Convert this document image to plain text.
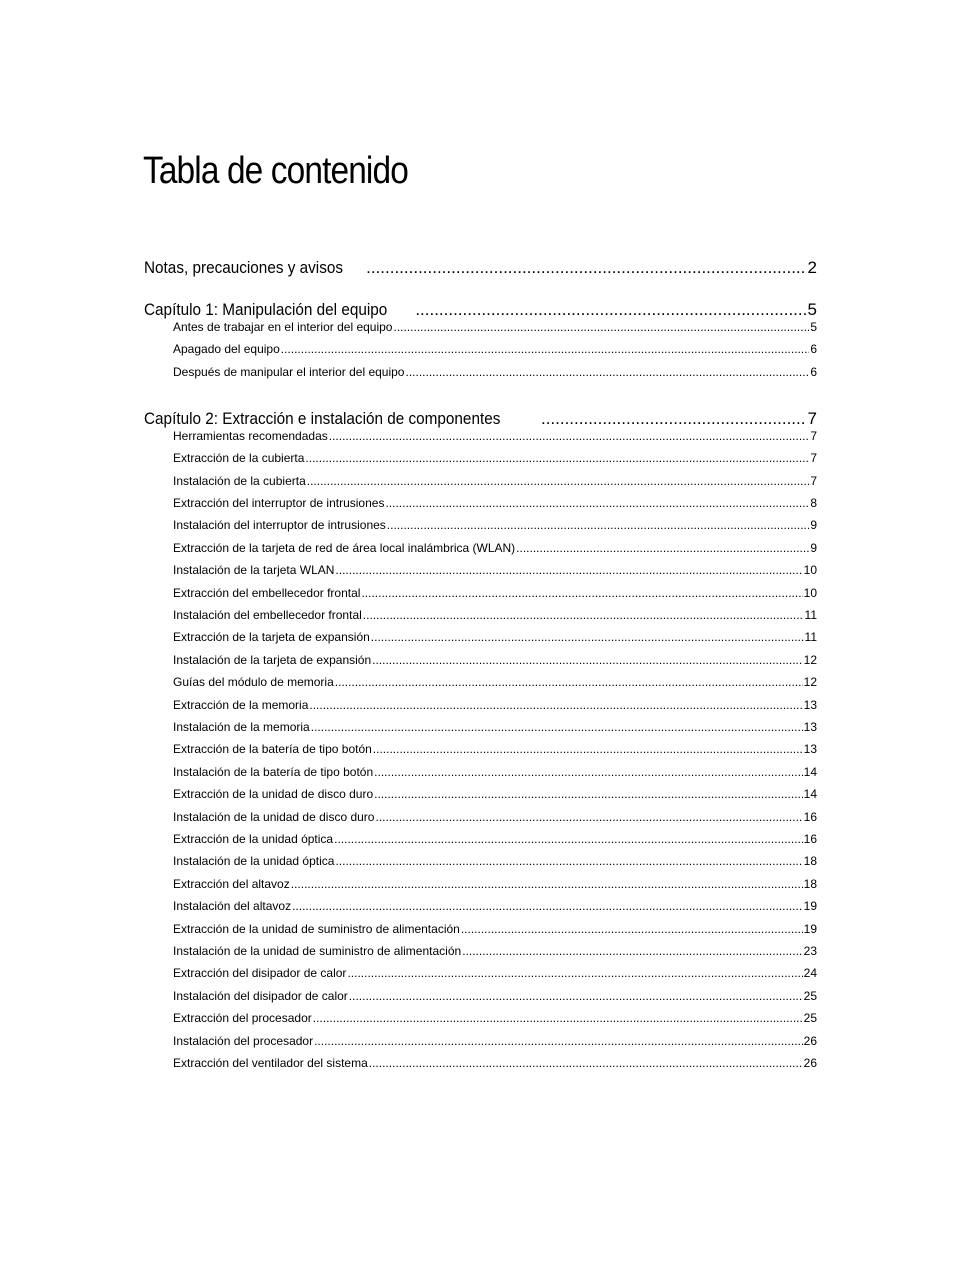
Tabla de contenido
Notas, precauciones y avisos .....	2
Capítulo 1: Manipulación del equipo .....	5
Antes de trabajar en el interior del equipo .....	5
Apagado del equipo .....	6
Después de manipular el interior del equipo .....	6
Capítulo 2: Extracción e instalación de componentes .....	7
Herramientas recomendadas .....	7
Extracción de la cubierta .....	7
Instalación de la cubierta .....	7
Extracción del interruptor de intrusiones .....	8
Instalación del interruptor de intrusiones .....	9
Extracción de la tarjeta de red de área local inalámbrica (WLAN) .....	9
Instalación de la tarjeta WLAN .....	10
Extracción del embellecedor frontal .....	10
Instalación del embellecedor frontal .....	11
Extracción de la tarjeta de expansión .....	11
Instalación de la tarjeta de expansión .....	12
Guías del módulo de memoria .....	12
Extracción de la memoria .....	13
Instalación de la memoria .....	13
Extracción de la batería de tipo botón .....	13
Instalación de la batería de tipo botón .....	14
Extracción de la unidad de disco duro .....	14
Instalación de la unidad de disco duro .....	16
Extracción de la unidad óptica .....	16
Instalación de la unidad óptica .....	18
Extracción del altavoz .....	18
Instalación del altavoz .....	19
Extracción de la unidad de suministro de alimentación .....	19
Instalación de la unidad de suministro de alimentación .....	23
Extracción del disipador de calor .....	24
Instalación del disipador de calor .....	25
Extracción del procesador .....	25
Instalación del procesador .....	26
Extracción del ventilador del sistema .....	26
